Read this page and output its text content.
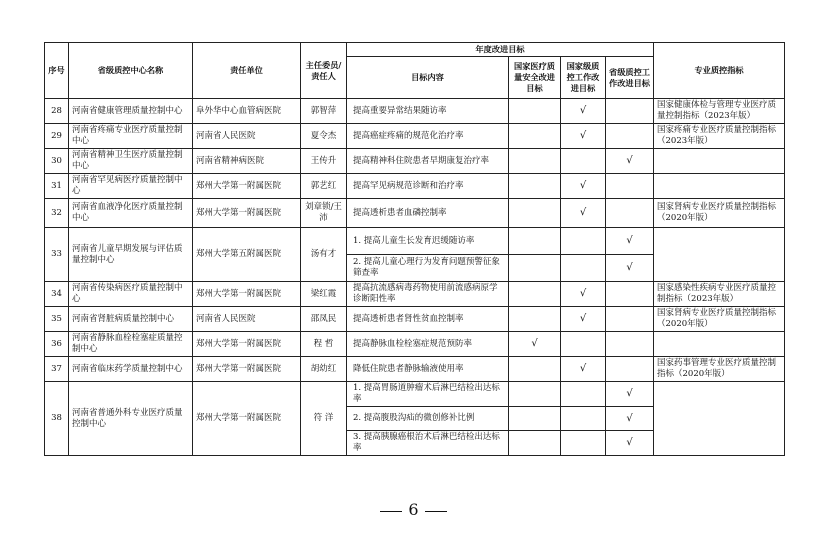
序号	省级质控中心名称	责任单位	主任委员/责任人	年度改进目标				专业质控指标
				目标内容	国家医疗质量安全改进目标	国家级质控工作改进目标	省级质控工作改进目标	
28	河南省健康管理质量控制中心	阜外华中心血管病医院	郭智萍	提高重要异常结果随访率		√		国家健康体检与管理专业医疗质量控制指标（2023年版）
29	河南省疼痛专业医疗质量控制中心	河南省人民医院	夏令杰	提高癌症疼痛的规范化治疗率		√		国家疼痛专业医疗质量控制指标（2023年版）
30	河南省精神卫生医疗质量控制中心	河南省精神病医院	王传升	提高精神科住院患者早期康复治疗率			√	
31	河南省罕见病医疗质量控制中心	郑州大学第一附属医院	郭艺红	提高罕见病规范诊断和治疗率		√		
32	河南省血液净化医疗质量控制中心	郑州大学第一附属医院	刘章锁/王 沛	提高透析患者血磷控制率		√		国家肾病专业医疗质量控制指标（2020年版）
33	河南省儿童早期发展与评估质量控制中心	郑州大学第五附属医院	汤有才	1. 提高儿童生长发育迟缓随访率			√	
				2. 提高儿童心理行为发育问题预警征象筛查率			√	
34	河南省传染病医疗质量控制中心	郑州大学第一附属医院	梁红霞	提高抗流感病毒药物使用前流感病原学诊断阳性率		√		国家感染性疾病专业医疗质量控制指标（2023年版）
35	河南省肾脏病质量控制中心	河南省人民医院	邵凤民	提高透析患者肾性贫血控制率		√		国家肾病专业医疗质量控制指标（2020年版）
36	河南省静脉血栓栓塞症质量控制中心	郑州大学第一附属医院	程 哲	提高静脉血栓栓塞症规范预防率	√			
37	河南省临床药学质量控制中心	郑州大学第一附属医院	胡幼红	降低住院患者静脉输液使用率		√		国家药事管理专业医疗质量控制指标（2020年版）
38	河南省普通外科专业医疗质量控制中心	郑州大学第一附属医院	符 洋	1. 提高胃肠道肿瘤术后淋巴结检出达标率			√	
				2. 提高腹股沟疝的微创修补比例			√	
				3. 提高胰腺癌根治术后淋巴结检出达标率			√	
6
